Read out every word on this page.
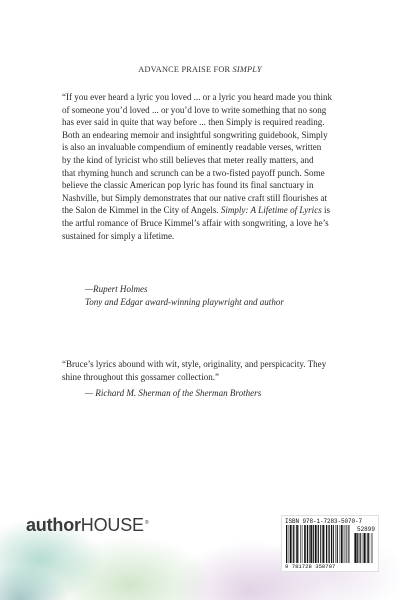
ADVANCE PRAISE FOR SIMPLY
“If you ever heard a lyric you loved ... or a lyric you heard made you think
of someone you’d loved ... or you’d love to write something that no song
has ever said in quite that way before ... then Simply is required reading.
Both an endearing memoir and insightful songwriting guidebook, Simply
is also an invaluable compendium of eminently readable verses, written
by the kind of lyricist who still believes that meter really matters, and
that rhyming hunch and scrunch can be a two-fisted payoff punch. Some
believe the classic American pop lyric has found its final sanctuary in
Nashville, but Simply demonstrates that our native craft still flourishes at
the Salon de Kimmel in the City of Angels. Simply: A Lifetime of Lyrics is
the artful romance of Bruce Kimmel’s affair with songwriting, a love he’s
sustained for simply a lifetime.
—Rupert Holmes
Tony and Edgar award-winning playwright and author
“Bruce’s lyrics abound with wit, style, originality, and perspicacity. They
shine throughout this gossamer collection.”
— Richard M. Sherman of the Sherman Brothers
authorHOUSE®	ISBN 978-1-7283-5070-7
52899
9 781728 350707
